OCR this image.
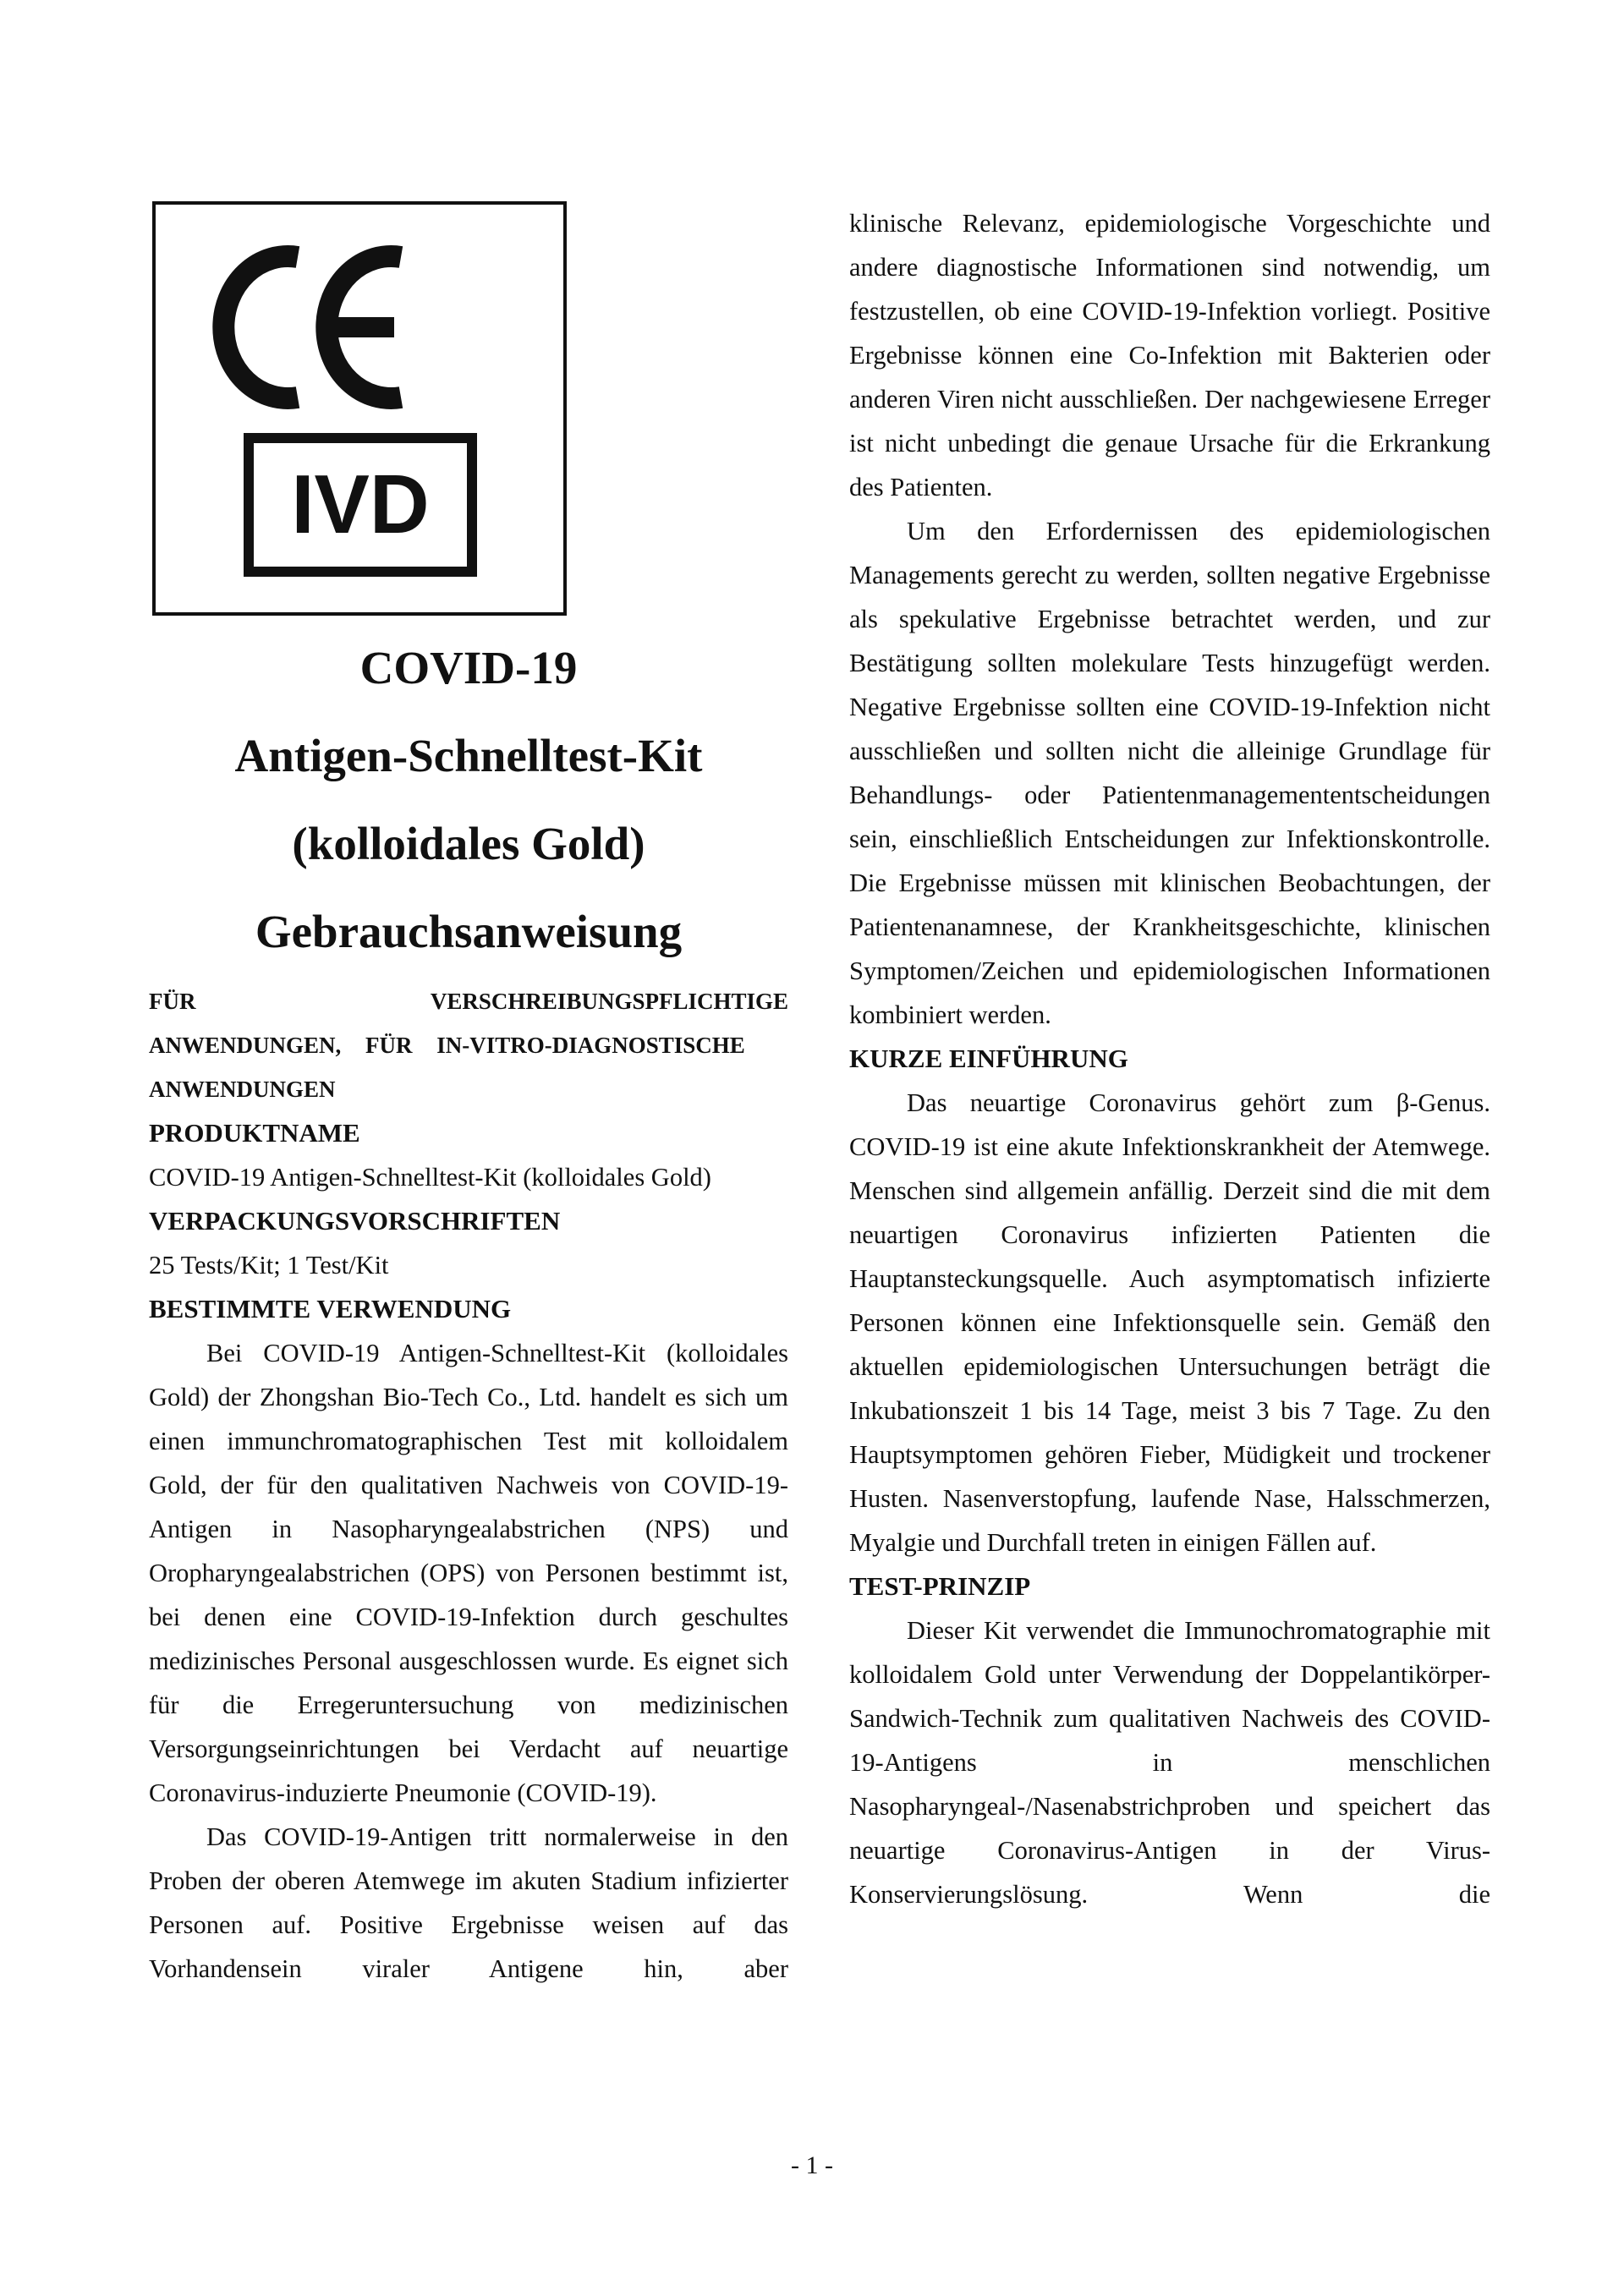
IVD

COVID-19

Antigen-Schnelltest-Kit

(kolloidales Gold)

Gebrauchsanweisung

FÜR	VERSCHREIBUNGSPFLICHTIGE
ANWENDUNGEN, FÜR IN-VITRO-DIAGNOSTISCHE
ANWENDUNGEN

PRODUKTNAME

COVID-19 Antigen-Schnelltest-Kit (kolloidales Gold)

VERPACKUNGSVORSCHRIFTEN

25 Tests/Kit; 1 Test/Kit

BESTIMMTE VERWENDUNG

Bei COVID-19 Antigen-Schnelltest-Kit (kolloidales Gold) der Zhongshan Bio-Tech Co., Ltd. handelt es sich um einen immunchromatographischen Test mit kolloidalem Gold, der für den qualitativen Nachweis von COVID-19-Antigen in Nasopharyngealabstrichen (NPS) und Oropharyngealabstrichen (OPS) von Personen bestimmt ist, bei denen eine COVID-19-Infektion durch geschultes medizinisches Personal ausgeschlossen wurde. Es eignet sich für die Erregeruntersuchung von medizinischen Versorgungseinrichtungen bei Verdacht auf neuartige Coronavirus-induzierte Pneumonie (COVID-19).

Das COVID-19-Antigen tritt normalerweise in den Proben der oberen Atemwege im akuten Stadium infizierter Personen auf. Positive Ergebnisse weisen auf das Vorhandensein viraler Antigene hin, aber

klinische Relevanz, epidemiologische Vorgeschichte und andere diagnostische Informationen sind notwendig, um festzustellen, ob eine COVID-19-Infektion vorliegt. Positive Ergebnisse können eine Co-Infektion mit Bakterien oder anderen Viren nicht ausschließen. Der nachgewiesene Erreger ist nicht unbedingt die genaue Ursache für die Erkrankung des Patienten.

Um den Erfordernissen des epidemiologischen Managements gerecht zu werden, sollten negative Ergebnisse als spekulative Ergebnisse betrachtet werden, und zur Bestätigung sollten molekulare Tests hinzugefügt werden. Negative Ergebnisse sollten eine COVID-19-Infektion nicht ausschließen und sollten nicht die alleinige Grundlage für Behandlungs- oder Patientenmanagemententscheidungen sein, einschließlich Entscheidungen zur Infektionskontrolle. Die Ergebnisse müssen mit klinischen Beobachtungen, der Patientenanamnese, der Krankheitsgeschichte, klinischen Symptomen/Zeichen und epidemiologischen Informationen kombiniert werden.

KURZE EINFÜHRUNG

Das neuartige Coronavirus gehört zum β-Genus. COVID-19 ist eine akute Infektionskrankheit der Atemwege. Menschen sind allgemein anfällig. Derzeit sind die mit dem neuartigen Coronavirus infizierten Patienten die Hauptansteckungsquelle. Auch asymptomatisch infizierte Personen können eine Infektionsquelle sein. Gemäß den aktuellen epidemiologischen Untersuchungen beträgt die Inkubationszeit 1 bis 14 Tage, meist 3 bis 7 Tage. Zu den Hauptsymptomen gehören Fieber, Müdigkeit und trockener Husten. Nasenverstopfung, laufende Nase, Halsschmerzen, Myalgie und Durchfall treten in einigen Fällen auf.

TEST-PRINZIP

Dieser Kit verwendet die Immunochromatographie mit kolloidalem Gold unter Verwendung der Doppelantikörper-Sandwich-Technik zum qualitativen Nachweis des COVID-19-Antigens in menschlichen Nasopharyngeal-/Nasenabstrichproben und speichert das neuartige Coronavirus-Antigen in der Virus-Konservierungslösung. Wenn die

- 1 -
